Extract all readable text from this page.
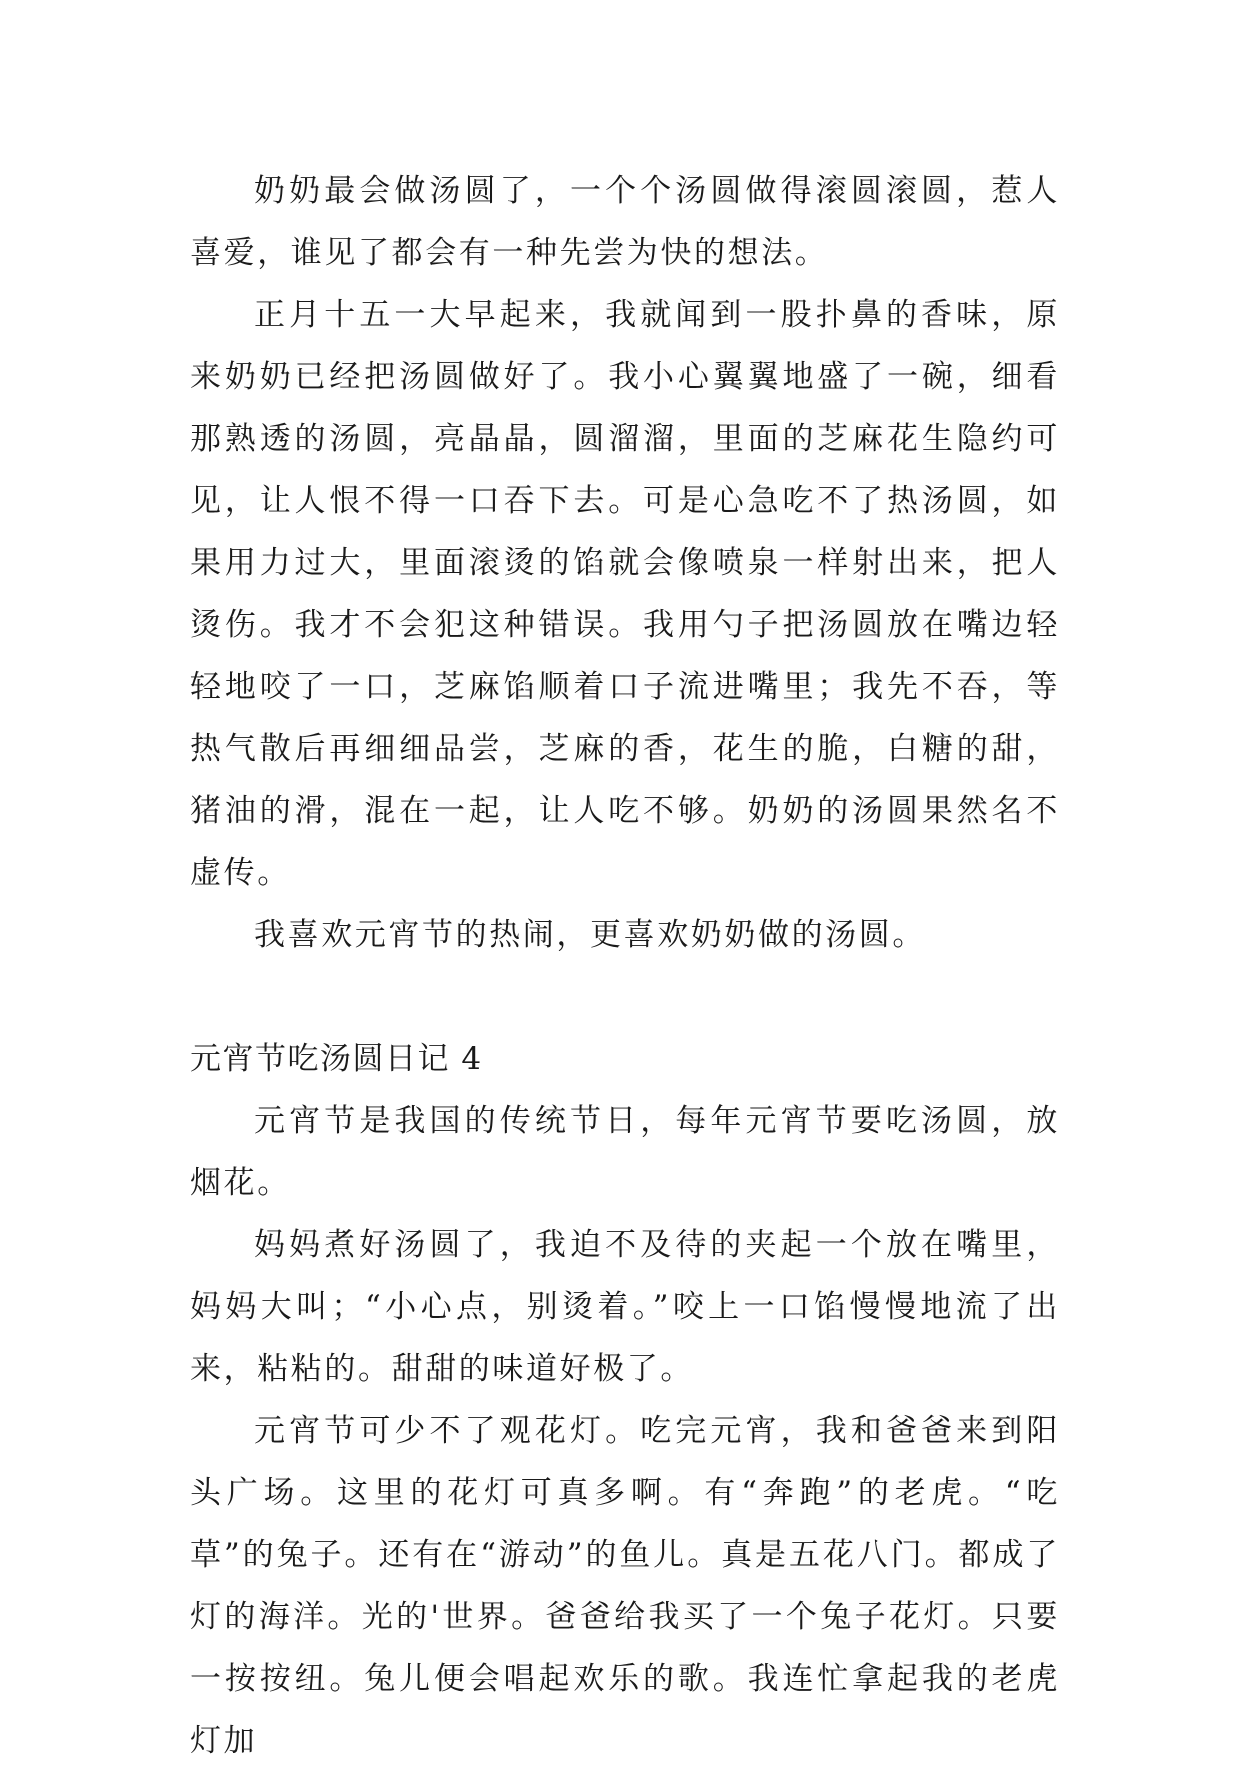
奶奶最会做汤圆了，一个个汤圆做得滚圆滚圆，惹人喜爱，谁见了都会有一种先尝为快的想法。

正月十五一大早起来，我就闻到一股扑鼻的香味，原来奶奶已经把汤圆做好了。我小心翼翼地盛了一碗，细看那熟透的汤圆，亮晶晶，圆溜溜，里面的芝麻花生隐约可见，让人恨不得一口吞下去。可是心急吃不了热汤圆，如果用力过大，里面滚烫的馅就会像喷泉一样射出来，把人烫伤。我才不会犯这种错误。我用勺子把汤圆放在嘴边轻轻地咬了一口，芝麻馅顺着口子流进嘴里；我先不吞，等热气散后再细细品尝，芝麻的香，花生的脆，白糖的甜，猪油的滑，混在一起，让人吃不够。奶奶的汤圆果然名不虚传。

我喜欢元宵节的热闹，更喜欢奶奶做的汤圆。

元宵节吃汤圆日记 4

元宵节是我国的传统节日，每年元宵节要吃汤圆，放烟花。

妈妈煮好汤圆了，我迫不及待的夹起一个放在嘴里，妈妈大叫；“小心点，别烫着。”咬上一口馅慢慢地流了出来，粘粘的。甜甜的味道好极了。

元宵节可少不了观花灯。吃完元宵，我和爸爸来到阳头广场。这里的花灯可真多啊。有“奔跑”的老虎。“吃草”的兔子。还有在“游动”的鱼儿。真是五花八门。都成了灯的海洋。光的'世界。爸爸给我买了一个兔子花灯。只要一按按纽。兔儿便会唱起欢乐的歌。我连忙拿起我的老虎灯加
